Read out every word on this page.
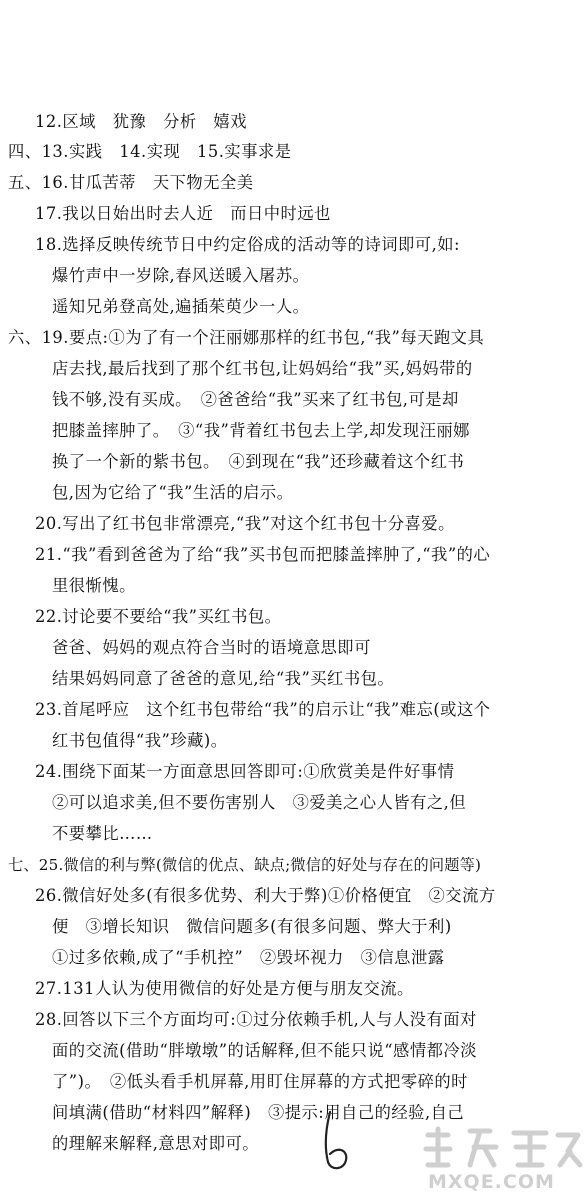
12.区域　犹豫　分析　嬉戏
四、13.实践　14.实现　15.实事求是
五、16.甘瓜苦蒂　天下物无全美
17.我以日始出时去人近　而日中时远也
18.选择反映传统节日中约定俗成的活动等的诗词即可,如:
爆竹声中一岁除,春风送暖入屠苏。
遥知兄弟登高处,遍插茱萸少一人。
六、19.要点:①为了有一个汪丽娜那样的红书包,“我”每天跑文具
店去找,最后找到了那个红书包,让妈妈给“我”买,妈妈带的
钱不够,没有买成。　②爸爸给“我”买来了红书包,可是却
把膝盖摔肿了。　③“我”背着红书包去上学,却发现汪丽娜
换了一个新的紫书包。　④到现在“我”还珍藏着这个红书
包,因为它给了“我”生活的启示。
20.写出了红书包非常漂亮,“我”对这个红书包十分喜爱。
21.“我”看到爸爸为了给“我”买书包而把膝盖摔肿了,“我”的心
里很惭愧。
22.讨论要不要给“我”买红书包。
爸爸、妈妈的观点符合当时的语境意思即可
结果妈妈同意了爸爸的意见,给“我”买红书包。
23.首尾呼应　这个红书包带给“我”的启示让“我”难忘(或这个
红书包值得“我”珍藏)。
24.围绕下面某一方面意思回答即可:①欣赏美是件好事情
②可以追求美,但不要伤害别人　③爱美之心人皆有之,但
不要攀比……
七、25.微信的利与弊(微信的优点、缺点;微信的好处与存在的问题等)
26.微信好处多(有很多优势、利大于弊)①价格便宜　②交流方
便　③增长知识　微信问题多(有很多问题、弊大于利)
①过多依赖,成了“手机控”　②毁坏视力　③信息泄露
27.131人认为使用微信的好处是方便与朋友交流。
28.回答以下三个方面均可:①过分依赖手机,人与人没有面对
面的交流(借助“胖墩墩”的话解释,但不能只说“感情都冷淡
了”)。　②低头看手机屏幕,用盯住屏幕的方式把零碎的时
间填满(借助“材料四”解释)　③提示:用自己的经验,自己
的理解来解释,意思对即可。
MXQE.COM
